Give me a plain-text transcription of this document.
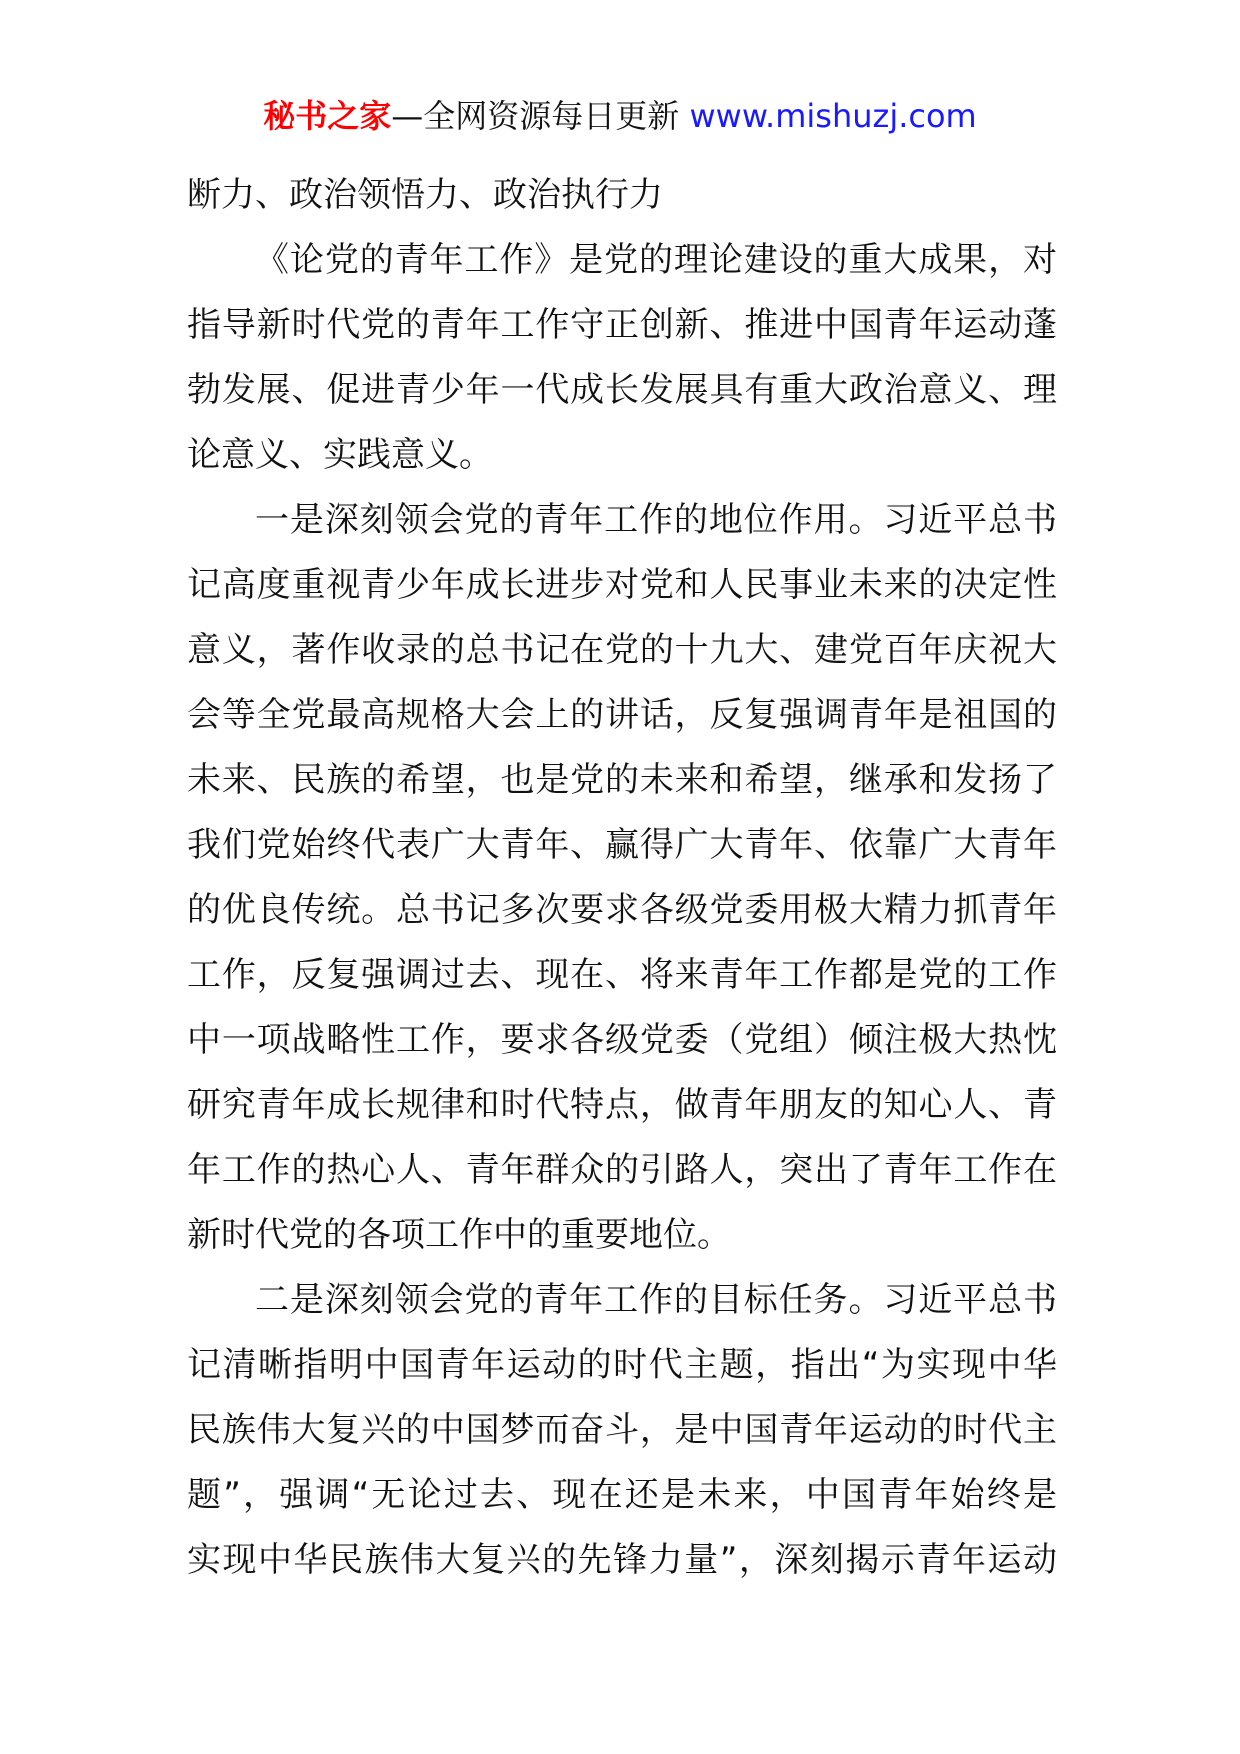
秘书之家—全网资源每日更新 www.mishuzj.com
断力、政治领悟力、政治执行力
《论党的青年工作》是党的理论建设的重大成果，对
指导新时代党的青年工作守正创新、推进中国青年运动蓬
勃发展、促进青少年一代成长发展具有重大政治意义、理
论意义、实践意义。
一是深刻领会党的青年工作的地位作用。习近平总书
记高度重视青少年成长进步对党和人民事业未来的决定性
意义，著作收录的总书记在党的十九大、建党百年庆祝大
会等全党最高规格大会上的讲话，反复强调青年是祖国的
未来、民族的希望，也是党的未来和希望，继承和发扬了
我们党始终代表广大青年、赢得广大青年、依靠广大青年
的优良传统。总书记多次要求各级党委用极大精力抓青年
工作，反复强调过去、现在、将来青年工作都是党的工作
中一项战略性工作，要求各级党委（党组）倾注极大热忱
研究青年成长规律和时代特点，做青年朋友的知心人、青
年工作的热心人、青年群众的引路人，突出了青年工作在
新时代党的各项工作中的重要地位。
二是深刻领会党的青年工作的目标任务。习近平总书
记清晰指明中国青年运动的时代主题，指出“为实现中华
民族伟大复兴的中国梦而奋斗，是中国青年运动的时代主
题”，强调“无论过去、现在还是未来，中国青年始终是
实现中华民族伟大复兴的先锋力量”，深刻揭示青年运动
